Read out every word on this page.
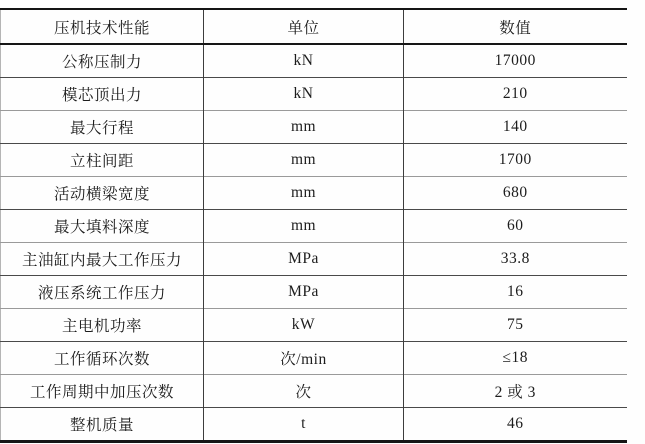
压机技术性能	单位	数值
公称压制力	kN	17000
模芯顶出力	kN	210
最大行程	mm	140
立柱间距	mm	1700
活动横梁宽度	mm	680
最大填料深度	mm	60
主油缸内最大工作压力	MPa	33.8
液压系统工作压力	MPa	16
主电机功率	kW	75
工作循环次数	次/min	≤18
工作周期中加压次数	次	2 或 3
整机质量	t	46
